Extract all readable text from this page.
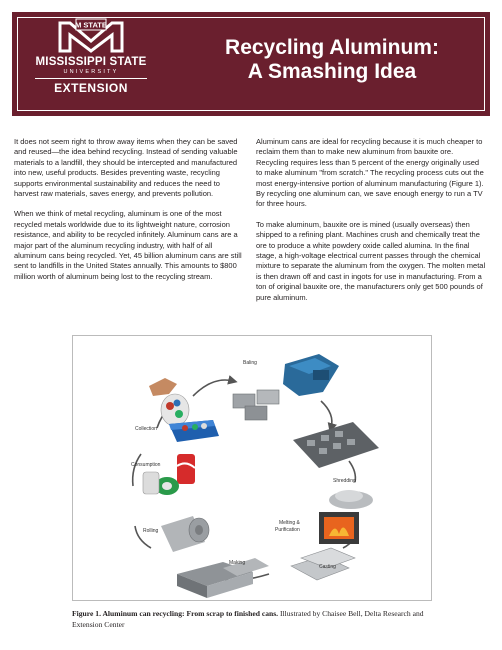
M STATE
MISSISSIPPI STATE
UNIVERSITY
EXTENSION
Recycling Aluminum:
A Smashing Idea

It does not seem right to throw away items when they can be saved and reused—the idea behind recycling. Instead of sending valuable materials to a landfill, they should be intercepted and manufactured into new, useful products. Besides preventing waste, recycling supports environmental sustainability and reduces the need to harvest raw materials, saves energy, and prevents pollution.

When we think of metal recycling, aluminum is one of the most recycled metals worldwide due to its lightweight nature, corrosion resistance, and ability to be recycled infinitely. Aluminum cans are a major part of the aluminum recycling industry, with half of all aluminum cans being recycled. Yet, 45 billion aluminum cans are still sent to landfills in the United States annually. This amounts to $800 million worth of aluminum being lost to the recycling stream.

Aluminum cans are ideal for recycling because it is much cheaper to reclaim them than to make new aluminum from bauxite ore. Recycling requires less than 5 percent of the energy originally used to make aluminum "from scratch." The recycling process cuts out the most energy-intensive portion of aluminum manufacturing (Figure 1). By recycling one aluminum can, we save enough energy to run a TV for three hours.

To make aluminum, bauxite ore is mined (usually overseas) then shipped to a refining plant. Machines crush and chemically treat the ore to produce a white powdery oxide called alumina. In the final stage, a high-voltage electrical current passes through the chemical mixture to separate the aluminum from the oxygen. The molten metal is then drawn off and cast in ingots for use in manufacturing. From a ton of original bauxite ore, the manufacturers only get 500 pounds of pure aluminum.

Collection
Baling
Shredding
Melting &
Purification
Casting
Making
Rolling
Consumption
Figure 1. Aluminum can recycling: From scrap to finished cans. Illustrated by Chaisee Bell, Delta Research and Extension Center
